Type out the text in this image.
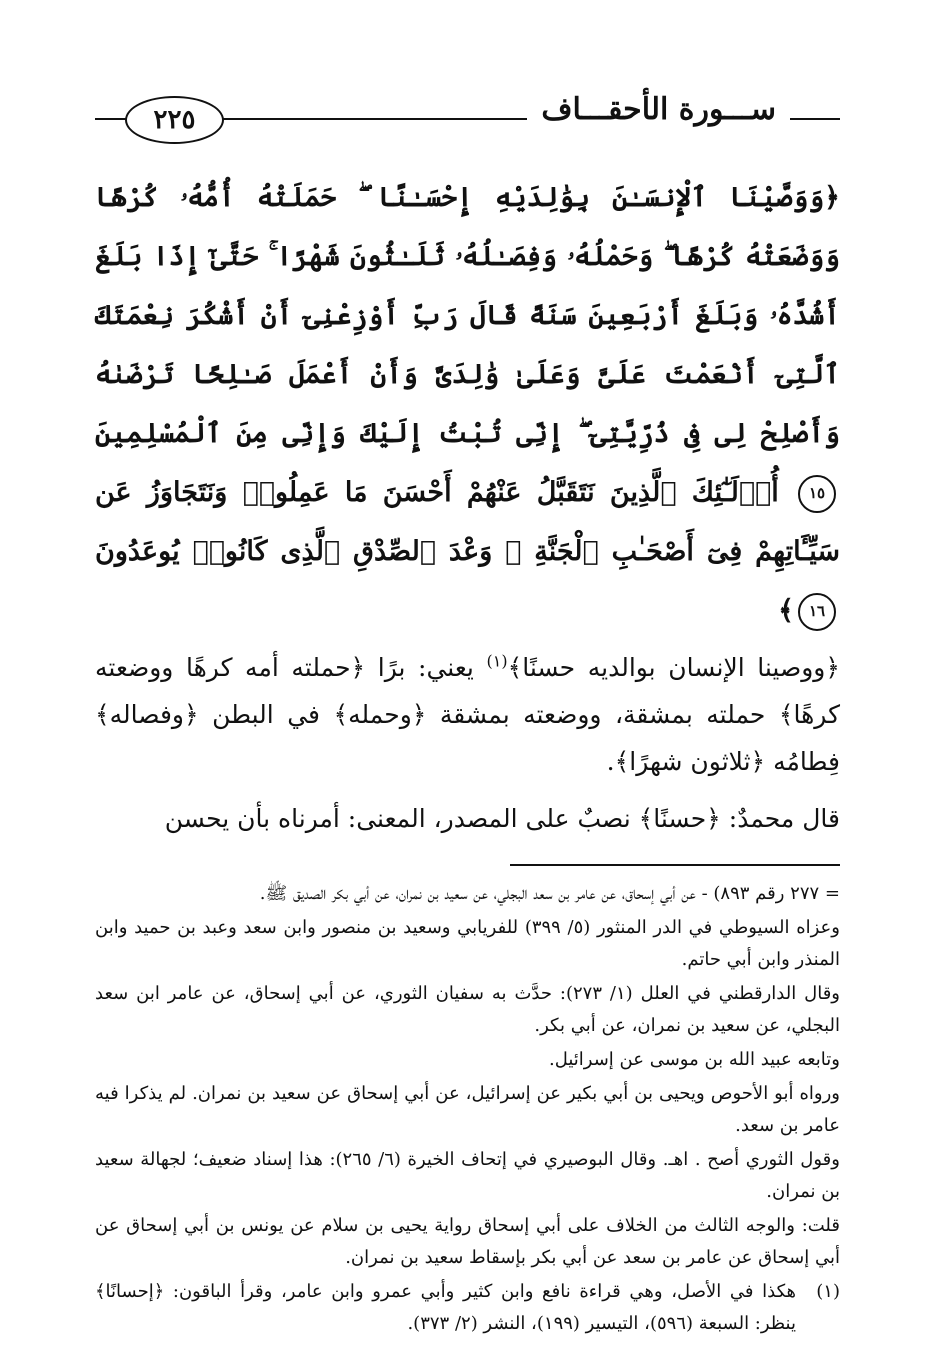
ســـورة الأحقـــاف
٢٢٥
﴿وَوَصَّيْنَا ٱلْإِنسَـٰنَ بِوَٰلِدَيْهِ إِحْسَـٰنًا ۖ حَمَلَتْهُ أُمُّهُۥ كُرْهًا وَوَضَعَتْهُ كُرْهًا ۖ وَحَمْلُهُۥ وَفِصَـٰلُهُۥ ثَلَـٰثُونَ شَهْرًا ۚ حَتَّىٰٓ إِذَا بَلَغَ أَشُدَّهُۥ وَبَلَغَ أَرْبَعِينَ سَنَةً قَالَ رَبِّ أَوْزِعْنِىٓ أَنْ أَشْكُرَ نِعْمَتَكَ ٱلَّتِىٓ أَنْعَمْتَ عَلَىَّ وَعَلَىٰ وَٰلِدَىَّ وَأَنْ أَعْمَلَ صَـٰلِحًا تَرْضَىٰهُ وَأَصْلِحْ لِى فِى ذُرِّيَّتِىٓ ۖ إِنِّى تُبْتُ إِلَيْكَ وَإِنِّى مِنَ ٱلْمُسْلِمِينَ ١٥ أُو۟لَـٰٓئِكَ ٱلَّذِينَ نَتَقَبَّلُ عَنْهُمْ أَحْسَنَ مَا عَمِلُوا۟ وَنَتَجَاوَزُ عَن سَيِّـَٔاتِهِمْ فِىٓ أَصْحَـٰبِ ٱلْجَنَّةِ ۖ وَعْدَ ٱلصِّدْقِ ٱلَّذِى كَانُوا۟ يُوعَدُونَ ١٦﴾

﴿ووصينا الإنسان بوالديه حسنًا﴾$^{(١)}$ يعني: برًا ﴿حملته أمه كرهًا ووضعته كرهًا﴾ حملته بمشقة، ووضعته بمشقة ﴿وحمله﴾ في البطن ﴿وفصاله﴾ فِطامُه ﴿ثلاثون شهرًا﴾.

قال محمدٌ: ﴿حسنًا﴾ نصبٌ على المصدر، المعنى: أمرناه بأن يحسن

= ٢٧٧ رقم ٨٩٣) - عن أبي إسحاق، عن عامر بن سعد البجلي، عن سعيد بن نمران، عن أبي بكر الصديق ﷺ.

وعزاه السيوطي في الدر المنثور (٥/ ٣٩٩) للفريابي وسعيد بن منصور وابن سعد وعبد بن حميد وابن المنذر وابن أبي حاتم.

وقال الدارقطني في العلل (١/ ٢٧٣): حدَّث به سفيان الثوري، عن أبي إسحاق، عن عامر ابن سعد البجلي، عن سعيد بن نمران، عن أبي بكر.

وتابعه عبيد الله بن موسى عن إسرائيل.

ورواه أبو الأحوص ويحيى بن أبي بكير عن إسرائيل، عن أبي إسحاق عن سعيد بن نمران. لم يذكرا فيه عامر بن سعد.

وقول الثوري أصح . اهـ. وقال البوصيري في إتحاف الخيرة (٦/ ٢٦٥): هذا إسناد ضعيف؛ لجهالة سعيد بن نمران.

قلت: والوجه الثالث من الخلاف على أبي إسحاق رواية يحيى بن سلام عن يونس بن أبي إسحاق عن أبي إسحاق عن عامر بن سعد عن أبي بكر بإسقاط سعيد بن نمران.

(١)
هكذا في الأصل، وهي قراءة نافع وابن كثير وأبي عمرو وابن عامر، وقرأ الباقون: ﴿إحسانًا﴾ ينظر: السبعة (٥٩٦)، التيسير (١٩٩)، النشر (٢/ ٣٧٣).
